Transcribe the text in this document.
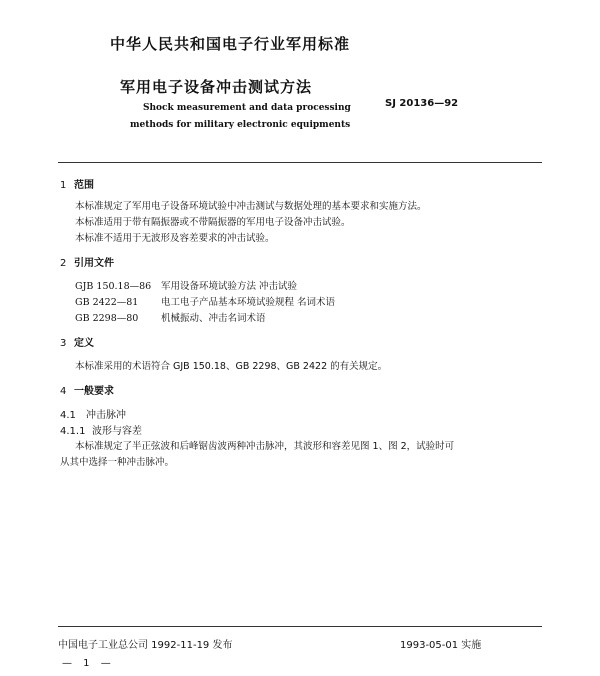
中华人民共和国电子行业军用标准
军用电子设备冲击测试方法
SJ 20136—92
Shock measurement and data processing
methods for military electronic equipments
1 范围
本标准规定了军用电子设备环境试验中冲击测试与数据处理的基本要求和实施方法。
本标准适用于带有隔振器或不带隔振器的军用电子设备冲击试验。
本标准不适用于无波形及容差要求的冲击试验。
2 引用文件
GJB 150.18—86 军用设备环境试验方法 冲击试验
GB 2422—81 电工电子产品基本环境试验规程 名词术语
GB 2298—80 机械振动、冲击名词术语
3 定义
本标准采用的术语符合 GJB 150.18、GB 2298、GB 2422 的有关规定。
4 一般要求
4.1 冲击脉冲
4.1.1 波形与容差
本标准规定了半正弦波和后峰锯齿波两种冲击脉冲，其波形和容差见图 1、图 2，试验时可
从其中选择一种冲击脉冲。
中国电子工业总公司 1992-11-19 发布	1993-05-01 实施
— 1 —
